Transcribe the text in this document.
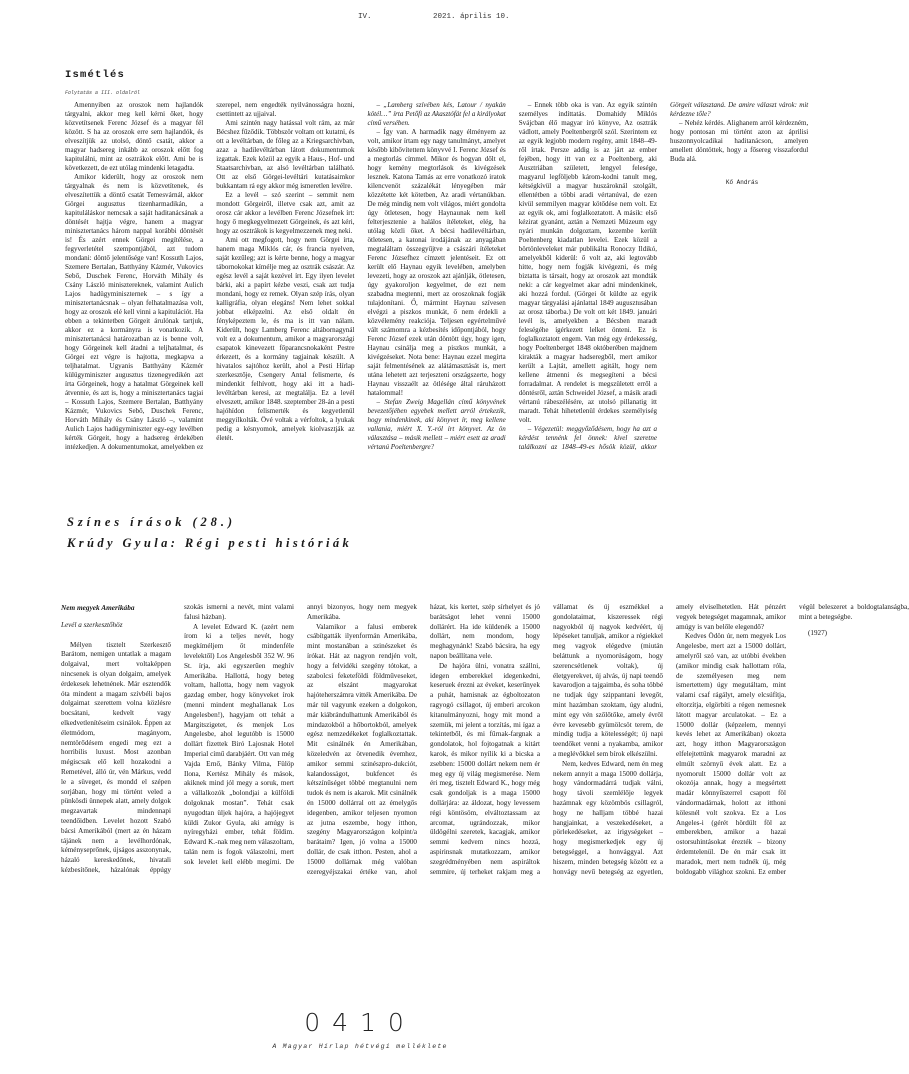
IV.	2021. április 10.
Ismétlés
Folytatás a III. oldalról

Amennyiben az oroszok nem hajlandók tárgyalni, akkor meg kell kérni őket, hogy közvetítsenek Ferenc József és a magyar fél között. S ha az oroszok erre sem hajlandók, és elveszítjük az utolsó, döntő csatát, akkor a magyar hadsereg inkább az oroszok előtt fog kapitulálni, mint az osztrákok előtt. Ami be is következett, de ezt utólag mindenki letagadta.

Amikor kiderült, hogy az oroszok nem tárgyalnak és nem is közvetítenek, és elveszítettük a döntő csatát Temesvárnál, akkor Görgei augusztus tizenharmadikán, a kapituláláskor nemcsak a saját haditanácsának a döntését hajtja végre, hanem a magyar minisztertanács három nappal korábbi döntését is! És azért ennek Görgei megítélése, a fegyverletétel szempontjából, azt tudom mondani: döntő jelentősége van! Kossuth Lajos, Szemere Bertalan, Batthyány Kázmér, Vukovics Sebő, Duschek Ferenc, Horváth Mihály és Csány László minisztereknek, valamint Aulich Lajos hadügyminiszternek – s így a minisztertanácsnak – olyan felhatalmazása volt, hogy az oroszok elé kell vinni a kapitulációt. Ha ebben a tekintetben Görgeit árulónak tartjuk, akkor ez a kormányra is vonatkozik. A minisztertanácsi határozatban az is benne volt, hogy Görgeinek kell átadni a teljhatalmat, és Görgei ezt végre is hajtotta, megkapva a teljhatalmat. Ugyanis Batthyány Kázmér külügyminiszter augusztus tizenegyedikén azt írta Görgeinek, hogy a hatalmat Görgeinek kell átvennie, és azt is, hogy a minisztertanács tagjai – Kossuth Lajos, Szemere Bertalan, Batthyány Kázmér, Vukovics Sebő, Duschek Ferenc, Horváth Mihály és Csány László –, valamint Aulich Lajos hadügyminiszter egy-egy levélben kérték Görgeit, hogy a hadsereg érdekében intézkedjen. A dokumentumokat, amelyekben ez szerepel, nem engedték nyilvánosságra hozni, csettintett az ujjaival.

Ami szintén nagy hatással volt rám, az már Bécshez fűződik. Többször voltam ott kutatni, és ott a levéltárban, de főleg az a Kriegsarchivban, azaz a hadilevéltárban látott dokumentumok izgattak. Ezek közül az egyik a Haus-, Hof- und Staatsarchivban, az alsó levéltárban található. Ott az első Görgei-levéltári kutatásaimkor bukkantam rá egy akkor még ismeretlen levélre.

Ez a levél – szó szerint – semmit nem mondott Görgeiről, illetve csak azt, amit az orosz cár akkor a levélben Ferenc Józsefnek írt: hogy ő megkegyelmezett Görgeinek, és azt kéri, hogy az osztrákok is kegyelmezzenek meg neki.

Ami ott megfogott, hogy nem Görgei írta, hanem maga Miklós cár, és francia nyelven, saját kezűleg; azt is kérte benne, hogy a magyar tábornokokat kímélje meg az osztrák császár. Az egész levél a saját kezével írt. Egy ilyen levelet bárki, aki a papírt kézbe veszi, csak azt tudja mondani, hogy ez remek. Olyan szép írás, olyan kalligráfia, olyan elegáns! Nem lehet sokkal jobbat elképzelni. Az első oldalt én fényképeztem le, és ma is itt van nálam. Kiderült, hogy Lamberg Ferenc altábornagynál volt ez a dokumentum, amikor a magyarországi csapatok kinevezett főparancsnokaként Pestre érkezett, és a kormány tagjainak készült. A hivatalos sajtóhoz került, ahol a Pesti Hírlap szerkesztője, Csengery Antal felismerte, és mindenkit felhívott, hogy aki itt a hadi-levéltárban keresi, az megtalálja. Ez a levél elveszett, amikor 1848. szeptember 28-án a pesti hajóhídon felismerték és kegyetlenül meggyilkolták. Övé voltak a vérfoltok, a lyukak pedig a késnyomok, amelyek kiolvasztják az életét.

– „Lamberg szívében kés, Latour / nyakán kötél…” írta Petőfi az Akasztófát fel a királyokat című versében.

– Így van. A harmadik nagy élményem az volt, amikor írtam egy nagy tanulmányt, amelyet később kibővítettem könyvvé I. Ferenc József és a megtorlás címmel. Mikor és hogyan dőlt el, hogy kemény megtorlások és kivégzések lesznek. Katona Tamás az erre vonatkozó iratok kilencvenöt százalékát lényegében már közzétette két kötetben, Az aradi vértanúkban. De még mindig nem volt világos, miért gondolta úgy ötletesen, hogy Haynaunak nem kell felterjesztenie a halálos ítéleteket, elég, ha utólag közli őket. A bécsi hadilevéltárban, ötletesen, a katonai irodájának az anyagában megtaláltam összegyűjtve a császári ítéleteket Ferenc Józsefhez címzett jelentéseit. Ez ott került elő Haynau egyik levelében, amelyben levezeti, hogy az oroszok azt ajánlják, ötletesen, úgy gyakoroljon kegyelmet, de ezt nem szabadna megtenni, mert az oroszoknak fogják tulajdonítani. Ő, mármint Haynau szívesen elvégzi a piszkos munkát, ő nem érdekli a közvélemény reakciója. Teljesen egyértelművé vált számomra a kézbesítés időpontjából, hogy Ferenc József ezek után döntött úgy, hogy igen, Haynau csinálja meg a piszkos munkát, a kivégzéseket. Nota bene: Haynau ezzel megírta saját felmentésének az alátámasztását is, mert utána lehetett azt terjeszteni országszerte, hogy Haynau visszaélt az ötlésége által ráruházott hatalommal!

– Stefan Zweig Magellán című könyvének bevezetőjében egyebek mellett arról értekezik, hogy mindenkinek, aki könyvet ír, meg kellene vallania, miért X. Y.-ról írt könyvet. Az ön választása – másik mellett – miért esett az aradi vértanú Poeltenbergre?

– Ennek több oka is van. Az egyik szintén személyes indíttatás. Domahidy Miklós Svájcban élő magyar író könyve, Az osztrák vádlott, amely Poeltenbergről szól. Szerintem ez az egyik legjobb modern regény, amit 1848–49-ről írtak. Persze addig is az járt az ember fejében, hogy itt van ez a Poeltenberg, aki Ausztriában született, lengyel felesége, magyarul legföljebb károm-kodni tanult meg, kétségkívül a magyar huszároknál szolgált, ellentétben a többi aradi vértanúval, de ezen kívül semmilyen magyar kötődése nem volt. Ez az egyik ok, ami foglalkoztatott. A másik: első kézirat gyanánt, aztán a Nemzeti Múzeum egy nyári munkán dolgoztam, kezembe került Poeltenberg kiadatlan levelei. Ezek közül a börtönleveleket már publikálta Ronoczy Ildikó, amelyekből kiderül: ő volt az, aki legtovább hitte, hogy nem fogják kivégezni, és még biztatta is társait, hogy az oroszok azt mondták neki: a cár kegyelmet akar adni mindenkinek, aki hozzá fordul. (Görgei őt küldte az egyik magyar tárgyalási ajánlattal 1849 augusztusában az orosz táborba.) De volt ott két 1849. januári levél is, amelyekben a Bécsben maradt feleségéhe ígérkezett lelket önteni. Ez is foglalkoztatott engem. Van még egy érdekesség, hogy Poeltenberget 1848 októberében majdnem kirakták a magyar hadseregből, mert amikor került a Lajtát, amellett agitált, hogy nem kellene átmenni és megsegíteni a bécsi forradalmat. A rendelet is megszületett erről a döntésről, aztán Schweidel József, a másik aradi vértanú rábeszélésére, az utolsó pillanatig itt maradt. Tehát hihetetlenül érdekes személyiség volt.

– Végezetül: meggyőződésem, hogy ha azt a kérdést tennénk fel önnek: kível szeretne találkozni az 1848–49-es hősök közül, akkor Görgeit választaná. De amire választ várok: mit kérdezne tőle?

– Nehéz kérdés. Alighanem arról kérdezném, hogy pontosan mi történt azon az áprilisi huszonnyolcadikai haditanácson, amelyen amellett döntöttek, hogy a fősereg visszafordul Buda alá.

Kő András

Színes írások (28.)
Krúdy Gyula: Régi pesti históriák

Nem megyek Amerikába

Levél a szerkesztőhöz

Mélyen tisztelt Szerkesztő Barátom, nemigen untatlak a magam dolgaival, mert voltaképpen nincsenek is olyan dolgaim, amelyek érdekesek lehetnének. Már esztendők óta mindent a magam szívbéli bajos dolgaimat szerettem volna közlésre bocsátani, kedvelt vagy elkedvetlenítéseim csinálok. Éppen az életmódom, magányom, nemtörődésem engedi meg ezt a horribilis luxust. Most azonban mégiscsak elő kell hozakodni a Remetével, álló úr, vén Márkus, vedd le a süveget, és mondd el szépen sorjában, hogy mi történt veled a pünkösdi ünnepek alatt, amely dolgok megzavartak mindennapi teendőidben. Levelet hozott Szabó bácsi Amerikából (mert az én házam tájánek nem a levélhordónak, kéményseprőnek, újságos asszonynak, házaló kereskedőnek, hivatali kézbesítőnek, házalónak éppúgy szokás ismerni a nevét, mint valami falusi házban).

A levelet Edward K. (azért nem írom ki a teljes nevét, hogy megkíméljem őt mindenféle levelektől) Los Angelesből 352 W. 96 St. írja, aki egyszerűen meghív Amerikába. Hallottá, hogy beteg voltam, hallotta, hogy nem vagyok gazdag ember, hogy könyveket írok (menni mindent meghallanak Los Angelesben!), hagyjam ott tehát a Margitszigetet, és menjek Los Angelesbe, ahol legutóbb is 15000 dollárt fizettek Biró Lajosnak Hotel Imperial című darabjáért. Ott van még Vajda Ernő, Bánky Vilma, Fülöp Ilona, Kertész Mihály és mások, akiknek mind jól megy a soruk, mert a vállalkozók „bolondjai a külföldi dolgoknak mostan”. Tehát csak nyugodtan üljek hajóra, a hajójegyet küldi Zukor Gyula, aki amúgy is nyíregyházi ember, tehát földim. Edward K.-nak meg nem válaszoltam, talán nem is fogok válaszolni, mert sok levelet kell elébb megírni. De annyi bizonyos, hogy nem megyek Amerikába.

Valamikor a falusi emberek csábítgatták ilyenformán Amerikába, mint mostanában a szinészeket és írókat. Hát az nagyon rendjén volt, hogy a felvidéki szegény tótokat, a szabolcsi feketeföldi földműveseket, az elszánt magyarokat hajóteherszámra vitték Amerikába. De már túl vagyunk ezeken a dolgokon, már kiábrándulhattunk Amerikából és mindazokból a hőbortokból, amelyek egész nemzedékeket foglalkoztattak. Mit csinálnék én Amerikában, közeledvén az ötvenedik évemhez, amikor semmi szinészpro-dukciót, kalandosságot, bukfencet és kétszínűséget többé megtanulni nem tudok és nem is akarok. Mit csinálnék én 15000 dollárral ott az émelygős idegenben, amikor teljesen nyomon az jutna eszembe, hogy itthon, szegény Magyarországon kolpint/a barátaim? Igen, jó volna a 15000 dollár, de csak itthon. Pesten, ahol a 15000 dollárnak még valóban ezeregyéjszakai értéke van, ahol házat, kis kertet, szép sírhelyet és jó barátságot lehet venni 15000 dollárért. Ha ide küldenék a 15000 dollárt, nem mondom, hogy meghagynánk! Szabó bácsira, ha egy napon beállítana vele.

De hajóra ülni, vonatra szállni, idegen emberekkel idegenkedni, keseruek érezni az éveket, keserűnyek a puhát, hamisnak az égboltozaton ragyogó csillagot, új emberi arcokon kitanulmányozni, hogy mit mond a szemük, mi jelent a torzítás, mi ígaz a tekintetből, és mi fűrnak-fargnak a gondolatok, hol fojtogatnak a kitárt karok, és mikor nyílik ki a bicska a zsebben: 15000 dollárt nekem nem ér meg egy új világ megismerése. Nem éri meg, tisztelt Edward K., hogy még csak gondoljak is a maga 15000 dollárjára: az áldozat, hogy levessem régi köntösöm, elváltoztassam az arcomat, ugrándozzak, mikor üldögélni szeretek, kacagjak, amikor semmi kedvem nincs hozzá, aspirinsnak mutatkozzam, amikor szegrédményében nem aspiráltok semmire, új terheket rakjam meg a vállamat és új eszmékkel a gondolataimat, kiszeressek régi nagyokból új nagyok kedvéért, új lépéseket tanuljak, amikor a régiekkel meg vagyok elégedve (miután beláttunk a nyomorúságom, hogy szerencsétlenek voltak), új életgyerekvet, új alvás, új napi teendő kavarodjon a tajgaimba, és soha többé ne tudjak úgy szippantani levegőt, mint hazámban szoktam, úgy aludni, mint egy vén szőlőtőke, amely évről évre kevesebb gyümölcsöt terem, de mindig tudja a kötelességét; új napi teendőket venni a nyakamba, amikor a meglévőkkel sem bírok elkészülni.

Nem, kedves Edward, nem én meg nekem annyit a maga 15000 dollárja, hogy vándormadárrá tudjak válni, hogy távoli szemlélője legyek hazámnak egy közömbös csillagról, hogy ne halljam többé hazai hangjainkat, a veszekedéseket, a pörlekedéseket, az irigységeket – hogy megismerkedjek egy új betegséggel, a honvággyal. Azt hiszem, minden betegség között ez a honvágy nevű betegség az egyetlen, amely elviselhetetlen. Hát pénzért vegyek betegséget magamnak, amikor amúgy is van belőle elegendő?

Kedves Ödön úr, nem megyek Los Angelesbe, mert azt a 15000 dollárt, amelyről szó van, az utóbbi években (amikor mindig csak hallottam róla, de személyesen meg nem ismertettem) úgy megutáltam, mint valami csaf rágályt, amely elcsúfítja, eltorzítja, elgörbíti a régen nemesnek látott magyar arculatokat. – Ez a 15000 dollár (képzelem, mennyi kevés lehet az Amerikában) okozta azt, hogy itthon Magyarországon elfelejtettünk magyarok maradni az elmúlt szörnyű évek alatt. Ez a nyomorult 15000 dollár volt az okozója annak, hogy a megsértett madár könnyűszerrel csapott föl vándormadárnak, holott az itthoni kölesnél volt szokva. Ez a Los Angeles-i (gérét hördült föl az emberekben, amikor a hazai ostorsuhintásokat érezték – bizony érdemtelenül. De én már csak itt maradok, mert nem tudnék új, még boldogabb világhoz szokni. Ez ember végül beleszeret a boldogtalanságba, mint a betegségbe.

(1927)

0410
A Magyar Hírlap hétvégi melléklete
